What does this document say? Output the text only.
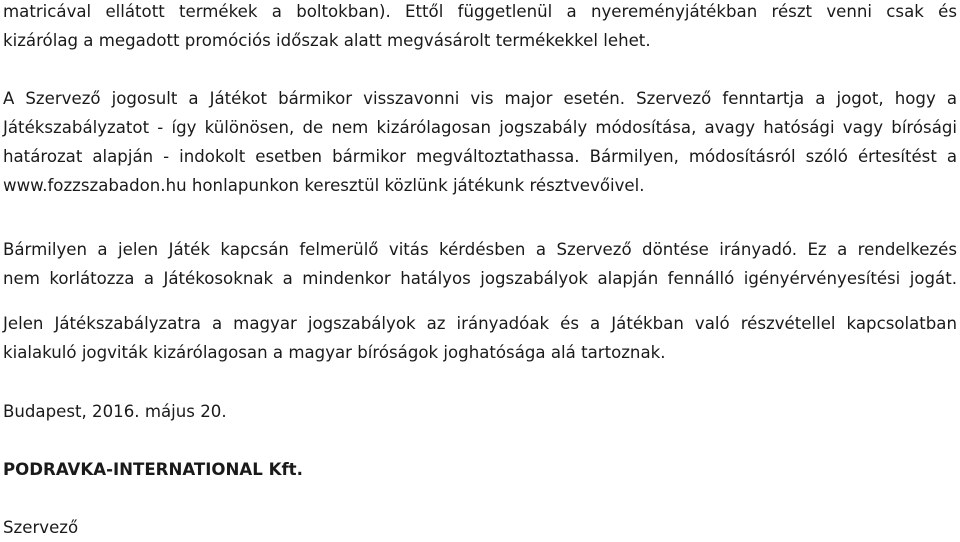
matricával ellátott termékek a boltokban). Ettől függetlenül a nyereményjátékban részt venni csak és
kizárólag a megadott promóciós időszak alatt megvásárolt termékekkel lehet.
A Szervező jogosult a Játékot bármikor visszavonni vis major esetén. Szervező fenntartja a jogot, hogy a
Játékszabályzatot - így különösen, de nem kizárólagosan jogszabály módosítása, avagy hatósági vagy bírósági
határozat alapján - indokolt esetben bármikor megváltoztathassa. Bármilyen, módosításról szóló értesítést a
www.fozzszabadon.hu honlapunkon keresztül közlünk játékunk résztvevőivel.
Bármilyen a jelen Játék kapcsán felmerülő vitás kérdésben a Szervező döntése irányadó. Ez a rendelkezés
nem korlátozza a Játékosoknak a mindenkor hatályos jogszabályok alapján fennálló igényérvényesítési jogát.
Jelen Játékszabályzatra a magyar jogszabályok az irányadóak és a Játékban való részvétellel kapcsolatban
kialakuló jogviták kizárólagosan a magyar bíróságok joghatósága alá tartoznak.
Budapest, 2016. május 20.
PODRAVKA-INTERNATIONAL Kft.
Szervező
